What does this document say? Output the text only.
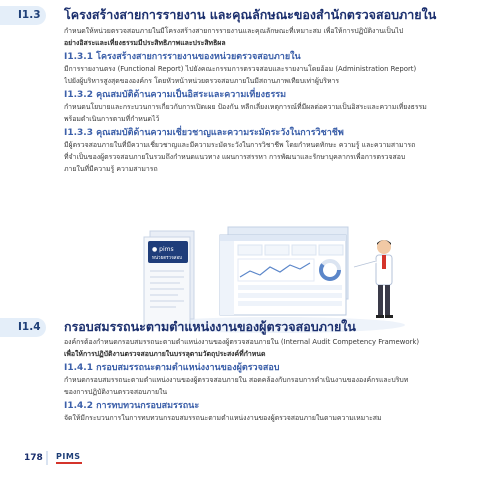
I1.3 โครงสร้างสายการรายงาน และคุณลักษณะของสำนักตรวจสอบภายใน
กำหนดให้หน่วยตรวจสอบภายในมีโครงสร้างสายการรายงานและคุณลักษณะที่เหมาะสม เพื่อให้การปฏิบัติงานเป็นไป
อย่างอิสระและเที่ยงธรรมมีประสิทธิภาพและประสิทธิผล
I1.3.1 โครงสร้างสายการรายงานของหน่วยตรวจสอบภายใน
มีการรายงานตรง (Functional Report) ไปยังคณะกรรมการตรวจสอบและรายงานโดยอ้อม (Administration Report)
ไปยังผู้บริหารสูงสุดขององค์กร โดยหัวหน้าหน่วยตรวจสอบภายในมีสถานภาพเทียบเท่าผู้บริหาร
I1.3.2 คุณสมบัติด้านความเป็นอิสระและความเที่ยงธรรม
กำหนดนโยบายและกระบวนการเกี่ยวกับการเปิดเผย ป้องกัน หลีกเลี่ยงเหตุการณ์ที่มีผลต่อความเป็นอิสระและความเที่ยงธรรม
พร้อมดำเนินการตามที่กำหนดไว้
I1.3.3 คุณสมบัติด้านความเชี่ยวชาญและความระมัดระวังในการวิชาชีพ
มีผู้ตรวจสอบภายในที่มีความเชี่ยวชาญและมีความระมัดระวังในการวิชาชีพ โดยกำหนดทักษะ ความรู้ และความสามารถ
ที่จำเป็นของผู้ตรวจสอบภายในรวมถึงกำหนดแนวทาง แผนการสรรหา การพัฒนาและรักษาบุคลากรเพื่อการตรวจสอบ
ภายในที่มีความรู้ ความสามารถ
● pims
หน่วยตรวจสอบ
I1.4 กรอบสมรรถนะตามตำแหน่งงานของผู้ตรวจสอบภายใน
องค์กรต้องกำหนดกรอบสมรรถนะตามตำแหน่งงานของผู้ตรวจสอบภายใน (Internal Audit Competency Framework)
เพื่อให้การปฏิบัติงานตรวจสอบภายในบรรลุตามวัตถุประสงค์ที่กำหนด
I1.4.1 กรอบสมรรถนะตามตำแหน่งงานของผู้ตรวจสอบ
กำหนดกรอบสมรรถนะตามตำแหน่งงานของผู้ตรวจสอบภายใน สอดคล้องกับกรอบการดำเนินงานขององค์กรและบริบท
ของการปฏิบัติงานตรวจสอบภายใน
I1.4.2 การทบทวนกรอบสมรรถนะ
จัดให้มีกระบวนการในการทบทวนกรอบสมรรถนะตามตำแหน่งงานของผู้ตรวจสอบภายในตามความเหมาะสม
178 PIMS
